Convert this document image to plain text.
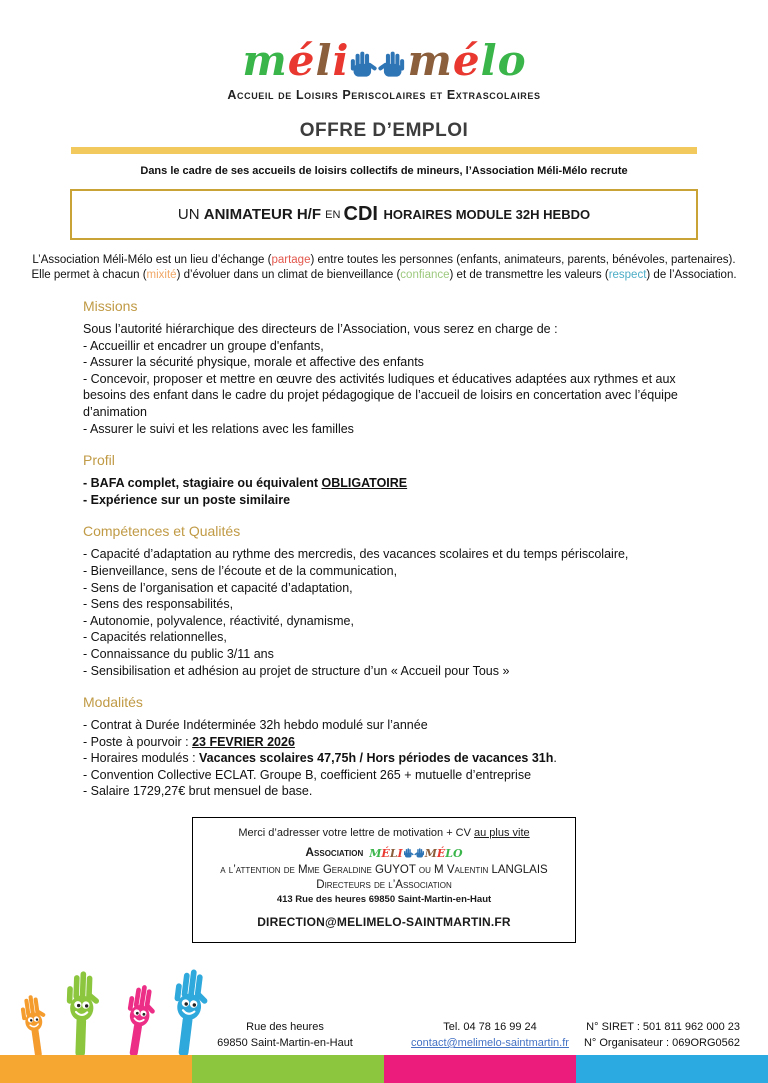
m é l i m é l o
Accueil de Loisirs Periscolaires et Extrascolaires
OFFRE D’EMPLOI
Dans le cadre de ses accueils de loisirs collectifs de mineurs, l’Association Méli-Mélo recrute
UN ANIMATEUR H/F EN CDI HORAIRES MODULE 32H HEBDO
L’Association Méli-Mélo est un lieu d’échange (partage) entre toutes les personnes (enfants, animateurs, parents, bénévoles, partenaires).
Elle permet à chacun (mixité) d’évoluer dans un climat de bienveillance (confiance) et de transmettre les valeurs (respect) de l’Association.
Missions
Sous l’autorité hiérarchique des directeurs de l’Association, vous serez en charge de :
- Accueillir et encadrer un groupe d'enfants,
- Assurer la sécurité physique, morale et affective des enfants
- Concevoir, proposer et mettre en œuvre des activités ludiques et éducatives adaptées aux rythmes et aux besoins des enfant dans le cadre du projet pédagogique de l’accueil de loisirs en concertation avec l’équipe d’animation
- Assurer le suivi et les relations avec les familles
Profil
- BAFA complet, stagiaire ou équivalent OBLIGATOIRE
- Expérience sur un poste similaire
Compétences et Qualités
- Capacité d’adaptation au rythme des mercredis, des vacances scolaires et du temps périscolaire,
- Bienveillance, sens de l’écoute et de la communication,
- Sens de l’organisation et capacité d’adaptation,
- Sens des responsabilités,
- Autonomie, polyvalence, réactivité, dynamisme,
- Capacités relationnelles,
- Connaissance du public 3/11 ans
- Sensibilisation et adhésion au projet de structure d’un « Accueil pour Tous »
Modalités
- Contrat à Durée Indéterminée 32h hebdo modulé sur l’année
- Poste à pourvoir : 23 FEVRIER 2026
- Horaires modulés : Vacances scolaires 47,75h / Hors périodes de vacances 31h.
- Convention Collective ECLAT. Groupe B, coefficient 265 + mutuelle d’entreprise
- Salaire 1729,27€ brut mensuel de base.
Merci d’adresser votre lettre de motivation + CV au plus vite
Association m é l i m é l o
a l’attention de Mme Geraldine GUYOT ou M Valentin LANGLAIS
Directeurs de l’Association
413 Rue des heures 69850 Saint-Martin-en-Haut
DIRECTION@MELIMELO-SAINTMARTIN.FR
Rue des heures
69850 Saint-Martin-en-Haut
Tel. 04 78 16 99 24
contact@melimelo-saintmartin.fr
N° SIRET : 501 811 962 000 23
N° Organisateur : 069ORG0562
